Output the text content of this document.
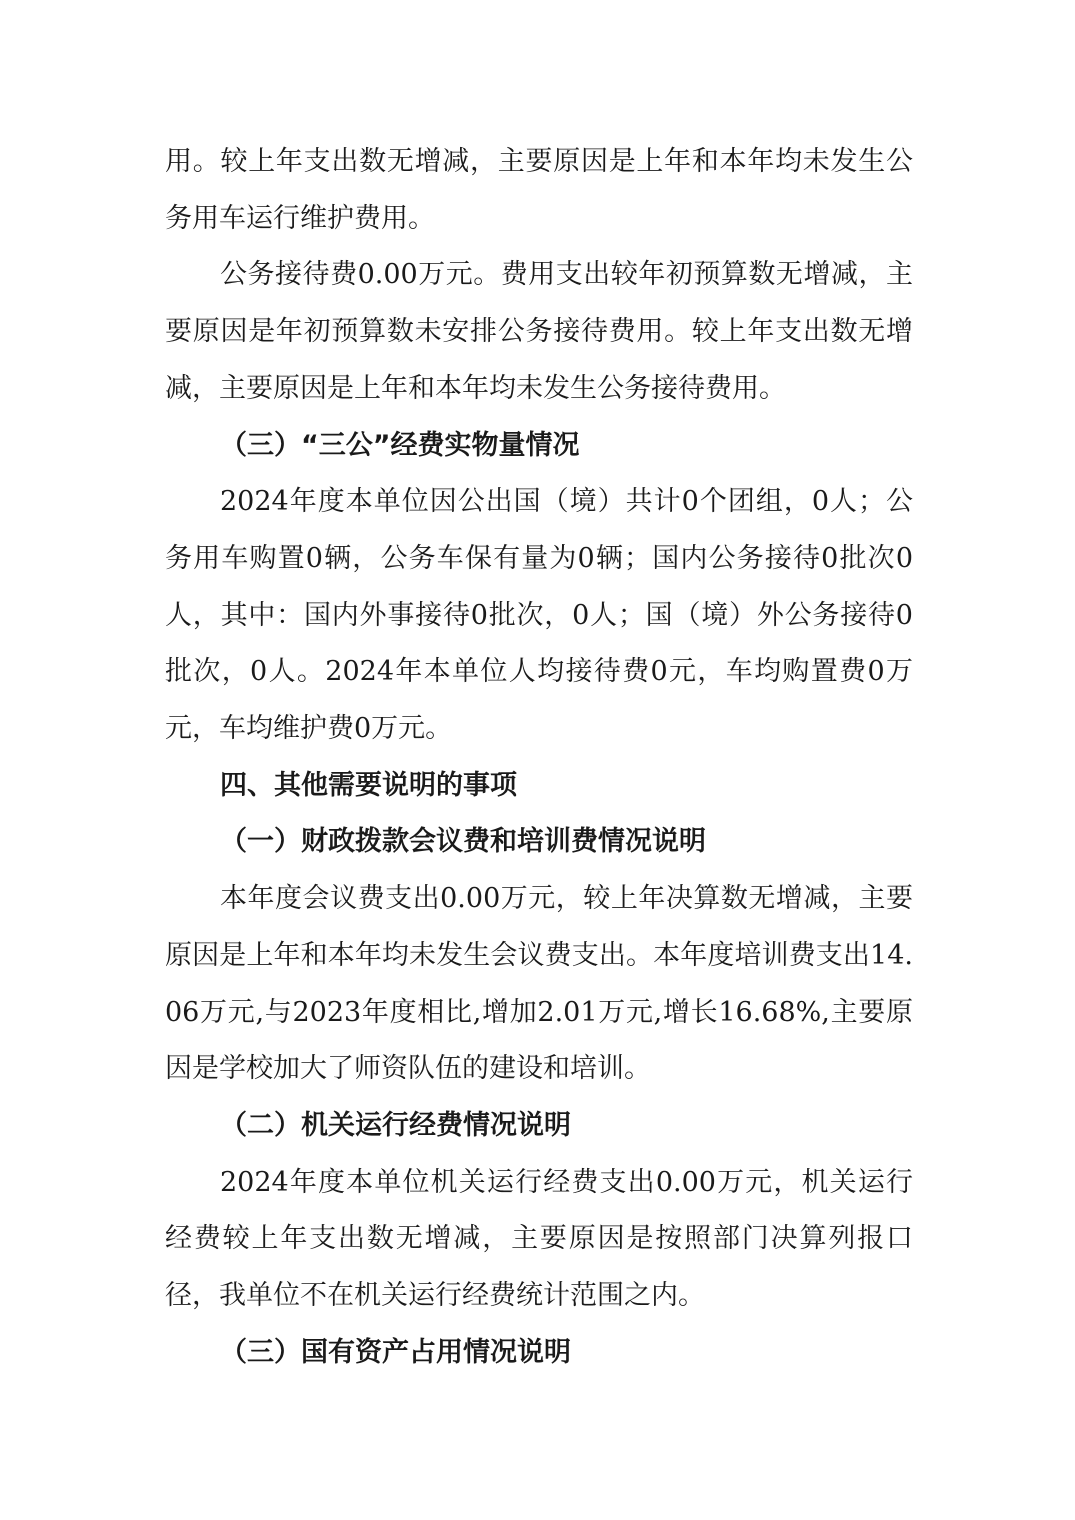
用。较上年支出数无增减，主要原因是上年和本年均未发生公务用车运行维护费用。

公务接待费0.00万元。费用支出较年初预算数无增减，主要原因是年初预算数未安排公务接待费用。较上年支出数无增减，主要原因是上年和本年均未发生公务接待费用。

（三）“三公”经费实物量情况

2024年度本单位因公出国（境）共计0个团组，0人；公务用车购置0辆，公务车保有量为0辆；国内公务接待0批次0人，其中：国内外事接待0批次，0人；国（境）外公务接待0批次，0人。2024年本单位人均接待费0元，车均购置费0万元，车均维护费0万元。

四、其他需要说明的事项
（一）财政拨款会议费和培训费情况说明

本年度会议费支出0.00万元，较上年决算数无增减，主要原因是上年和本年均未发生会议费支出。本年度培训费支出14.06万元,与2023年度相比,增加2.01万元,增长16.68%,主要原因是学校加大了师资队伍的建设和培训。

（二）机关运行经费情况说明

2024年度本单位机关运行经费支出0.00万元，机关运行经费较上年支出数无增减，主要原因是按照部门决算列报口径，我单位不在机关运行经费统计范围之内。

（三）国有资产占用情况说明
